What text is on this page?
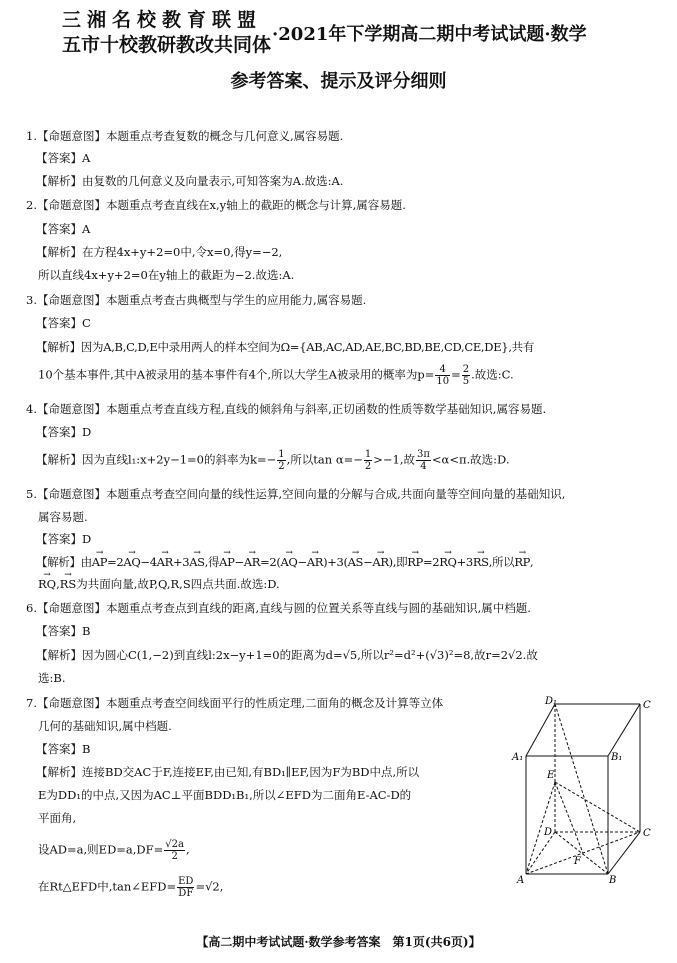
三湘名校教育联盟
五市十校教研教改共同体 ·2021年下学期高二期中考试试题·数学
参考答案、提示及评分细则
1.【命题意图】本题重点考查复数的概念与几何意义,属容易题.
【答案】A
【解析】由复数的几何意义及向量表示,可知答案为A.故选:A.
2.【命题意图】本题重点考查直线在x,y轴上的截距的概念与计算,属容易题.
【答案】A
【解析】在方程4x+y+2=0中,令x=0,得y=−2,
所以直线4x+y+2=0在y轴上的截距为−2.故选:A.
3.【命题意图】本题重点考查古典概型与学生的应用能力,属容易题.
【答案】C
【解析】因为A,B,C,D,E中录用两人的样本空间为Ω={AB,AC,AD,AE,BC,BD,BE,CD,CE,DE},共有
10个基本事件,其中A被录用的基本事件有4个,所以大学生A被录用的概率为$p= \frac{4}{10} = \frac{2}{5}$ .故选:C.
4.【命题意图】本题重点考查直线方程,直线的倾斜角与斜率,正切函数的性质等数学基础知识,属容易题.
【答案】D
【解析】因为直线l₁:x+2y−1=0的斜率为$k=- \frac{1}{2}$ ,所以$\tan \alpha=- \frac{1}{2} >-1$,故 $\frac{3\pi}{4} <\alpha<\pi$.故选:D.
5.【命题意图】本题重点考查空间向量的线性运算,空间向量的分解与合成,共面向量等空间向量的基础知识,
属容易题.
【答案】D
【解析】由→ AP=2→ AQ−4→ AR+3→ AS,得→ AP−→ AR=2(→ AQ−→ AR)+3(→ AS−→ AR),即→ RP=2→ RQ+3→ RS,所以→ RP,
→ RQ,→ RS为共面向量,故P,Q,R,S四点共面.故选:D.
6.【命题意图】本题重点考查点到直线的距离,直线与圆的位置关系等直线与圆的基础知识,属中档题.
【答案】B
【解析】因为圆心C(1,−2)到直线l:2x−y+1=0的距离为d=√5,所以r²=d²+(√3)²=8,故r=2√2.故
选:B.
7.【命题意图】本题重点考查空间线面平行的性质定理,二面角的概念及计算等立体
几何的基础知识,属中档题.
【答案】B
【解析】连接BD交AC于F,连接EF,由已知,有BD₁∥EF,因为F为BD中点,所以
E为DD₁的中点,又因为AC⊥平面BDD₁B₁,所以∠EFD为二面角E-AC-D的
平面角,
设AD=a,则$ED=a,DF= \frac{√2a}{2}$ ,
在Rt△EFD中,tan∠EFD= $\frac{ED}{DF} =√2$,
D₁	C
A₁	B₁
E
D	C
F
A	B
【高二期中考试试题·数学参考答案　第1页(共6页)】
